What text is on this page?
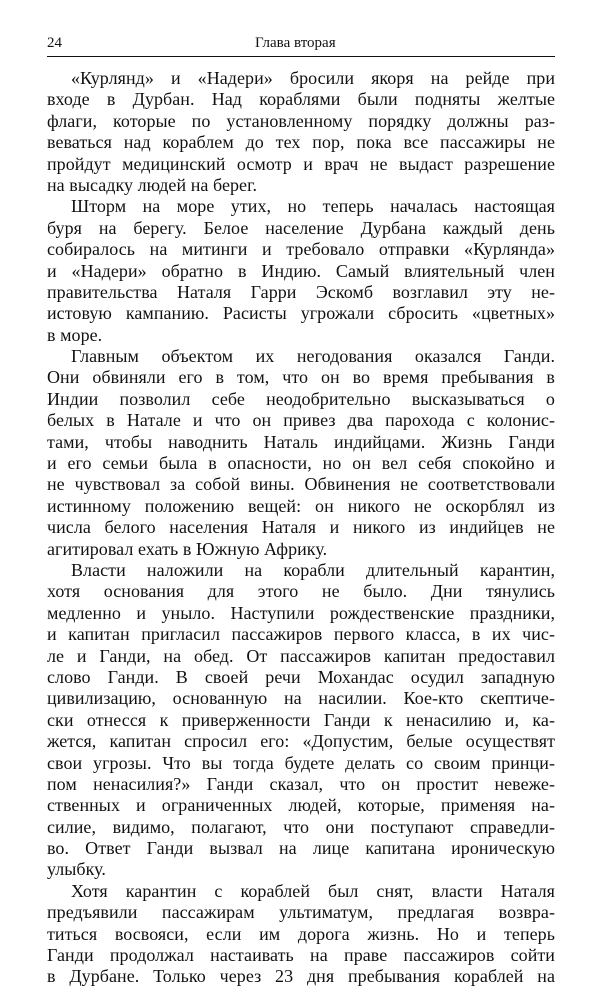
24	Глава вторая
«Курлянд» и «Надери» бросили якоря на рейде при
входе в Дурбан. Над кораблями были подняты желтые
флаги, которые по установленному порядку должны раз-
веваться над кораблем до тех пор, пока все пассажиры не
пройдут медицинский осмотр и врач не выдаст разрешение
на высадку людей на берег.
Шторм на море утих, но теперь началась настоящая
буря на берегу. Белое население Дурбана каждый день
собиралось на митинги и требовало отправки «Курлянда»
и «Надери» обратно в Индию. Самый влиятельный член
правительства Наталя Гарри Эскомб возглавил эту не-
истовую кампанию. Расисты угрожали сбросить «цветных»
в море.
Главным объектом их негодования оказался Ганди.
Они обвиняли его в том, что он во время пребывания в
Индии позволил себе неодобрительно высказываться о
белых в Натале и что он привез два парохода с колонис-
тами, чтобы наводнить Наталь индийцами. Жизнь Ганди
и его семьи была в опасности, но он вел себя спокойно и
не чувствовал за собой вины. Обвинения не соответствовали
истинному положению вещей: он никого не оскорблял из
числа белого населения Наталя и никого из индийцев не
агитировал ехать в Южную Африку.
Власти наложили на корабли длительный карантин,
хотя основания для этого не было. Дни тянулись
медленно и уныло. Наступили рождественские праздники,
и капитан пригласил пассажиров первого класса, в их чис-
ле и Ганди, на обед. От пассажиров капитан предоставил
слово Ганди. В своей речи Мохандас осудил западную
цивилизацию, основанную на насилии. Кое-кто скептиче-
ски отнесся к приверженности Ганди к ненасилию и, ка-
жется, капитан спросил его: «Допустим, белые осуществят
свои угрозы. Что вы тогда будете делать со своим принци-
пом ненасилия?» Ганди сказал, что он простит невеже-
ственных и ограниченных людей, которые, применяя на-
силие, видимо, полагают, что они поступают справедли-
во. Ответ Ганди вызвал на лице капитана ироническую
улыбку.
Хотя карантин с кораблей был снят, власти Наталя
предъявили пассажирам ультиматум, предлагая возвра-
титься восвояси, если им дорога жизнь. Но и теперь
Ганди продолжал настаивать на праве пассажиров сойти
в Дурбане. Только через 23 дня пребывания кораблей на
